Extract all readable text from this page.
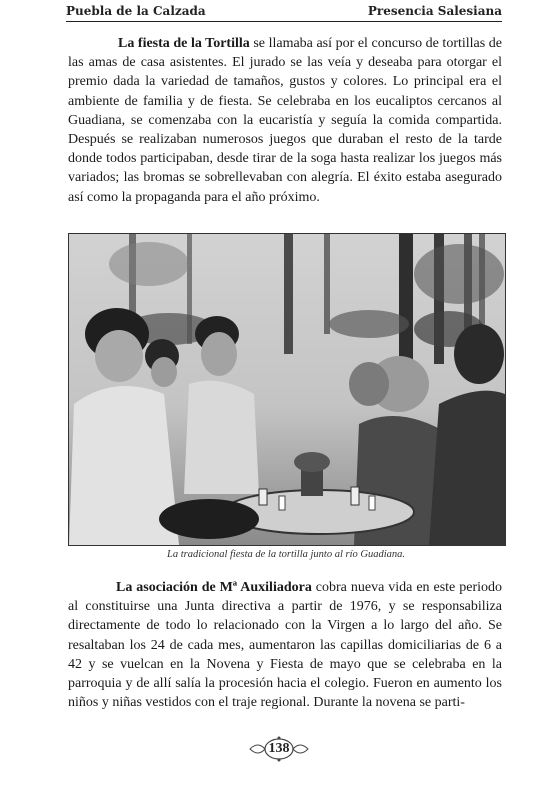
Puebla de la Calzada	Presencia Salesiana

La fiesta de la Tortilla se llamaba así por el concurso de tortillas de las amas de casa asistentes. El jurado se las veía y deseaba para otorgar el premio dada la variedad de tamaños, gustos y colores. Lo principal era el ambiente de familia y de fiesta. Se celebraba en los eucaliptos cercanos al Guadiana, se comenzaba con la eucaristía y seguía la comida compartida. Después se realizaban numerosos juegos que duraban el resto de la tarde donde todos participaban, desde tirar de la soga hasta realizar los juegos más variados; las bromas se sobrellevaban con alegría. El éxito estaba asegurado así como la propaganda para el año próximo.

La tradicional fiesta de la tortilla junto al río Guadiana.

La asociación de Mª Auxiliadora cobra nueva vida en este periodo al constituirse una Junta directiva a partir de 1976, y se responsabiliza directamente de todo lo relacionado con la Virgen a lo largo del año. Se resaltaban los 24 de cada mes, aumentaron las capillas domiciliarias de 6 a 42 y se vuelcan en la Novena y Fiesta de mayo que se celebraba en la parroquia y de allí salía la procesión hacia el colegio. Fueron en aumento los niños y niñas vestidos con el traje regional. Durante la novena se parti-

138
